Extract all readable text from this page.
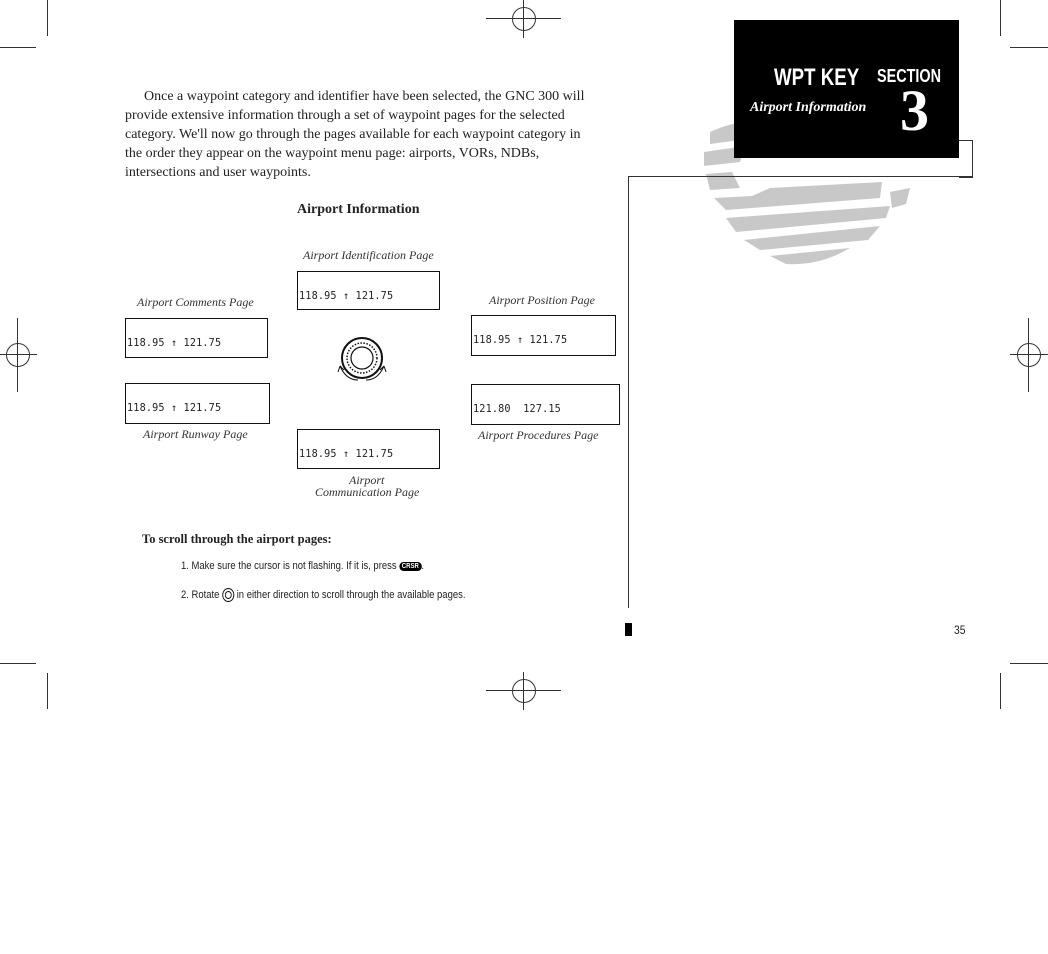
WPT KEY
Airport Information
SECTION
3
Once a waypoint category and identifier have been selected, the GNC 300 will provide extensive information through a set of waypoint pages for the selected category. We'll now go through the pages available for each waypoint category in the order they appear on the waypoint menu page: airports, VORs, NDBs, intersections and user waypoints.
Airport Information
Airport Identification Page

118.95 ↑ 121.75

Airport Comments Page

118.95 ↑ 121.75

Airport Position Page

118.95 ↑ 121.75

118.95 ↑ 121.75

Airport Runway Page

121.80  127.15

Airport Procedures Page

118.95 ↑ 121.75

Airport
Communication Page
To scroll through the airport pages:
1. Make sure the cursor is not flashing. If it is, press CRSR .
2. Rotate in either direction to scroll through the available pages.
35
